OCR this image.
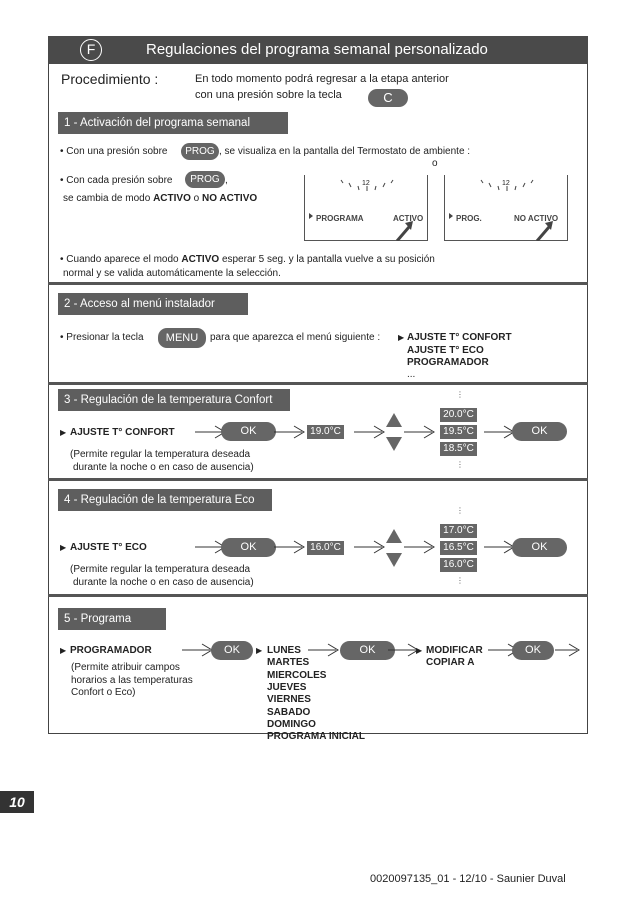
F	Regulaciones del programa semanal personalizado
Procedimiento :	En todo momento podrá regresar a la etapa anterior
con una presión sobre la tecla	C
1 - Activación del programa semanal
• Con una presión sobre	PROG , se visualiza en la pantalla del Termostato de ambiente :
o
• Con cada presión sobre	PROG ,
se cambia de modo ACTIVO o NO ACTIVO
12
PROGRAMA	ACTIVO
12
PROG.	NO ACTIVO
• Cuando aparece el modo ACTIVO esperar 5 seg. y la pantalla vuelve a su posición
normal y se valida automáticamente la selección.
2 - Acceso al menú instalador
• Presionar la tecla	MENU	para que aparezca el menú siguiente : ▶ AJUSTE T° CONFORT
AJUSTE T° ECO
PROGRAMADOR
...
3 - Regulación de la temperatura Confort
▶ AJUSTE T° CONFORT	OK	19.0°C
⋮
20.0°C
19.5°C
18.5°C
⋮
OK
(Permite regular la temperatura deseada
durante la noche o en caso de ausencia)
4 - Regulación de la temperatura Eco
▶ AJUSTE T° ECO	OK	16.0°C
⋮
17.0°C
16.5°C
16.0°C
⋮
OK
(Permite regular la temperatura deseada
durante la noche o en caso de ausencia)
5 - Programa
▶ PROGRAMADOR	OK	▶
(Permite atribuir campos
horarios a las temperaturas
Confort o Eco)
LUNES
MARTES
MIERCOLES
JUEVES
VIERNES
SABADO
DOMINGO
PROGRAMA INICIAL
OK	▶ MODIFICAR
COPIAR A
OK
10
0020097135_01 - 12/10 - Saunier Duval
